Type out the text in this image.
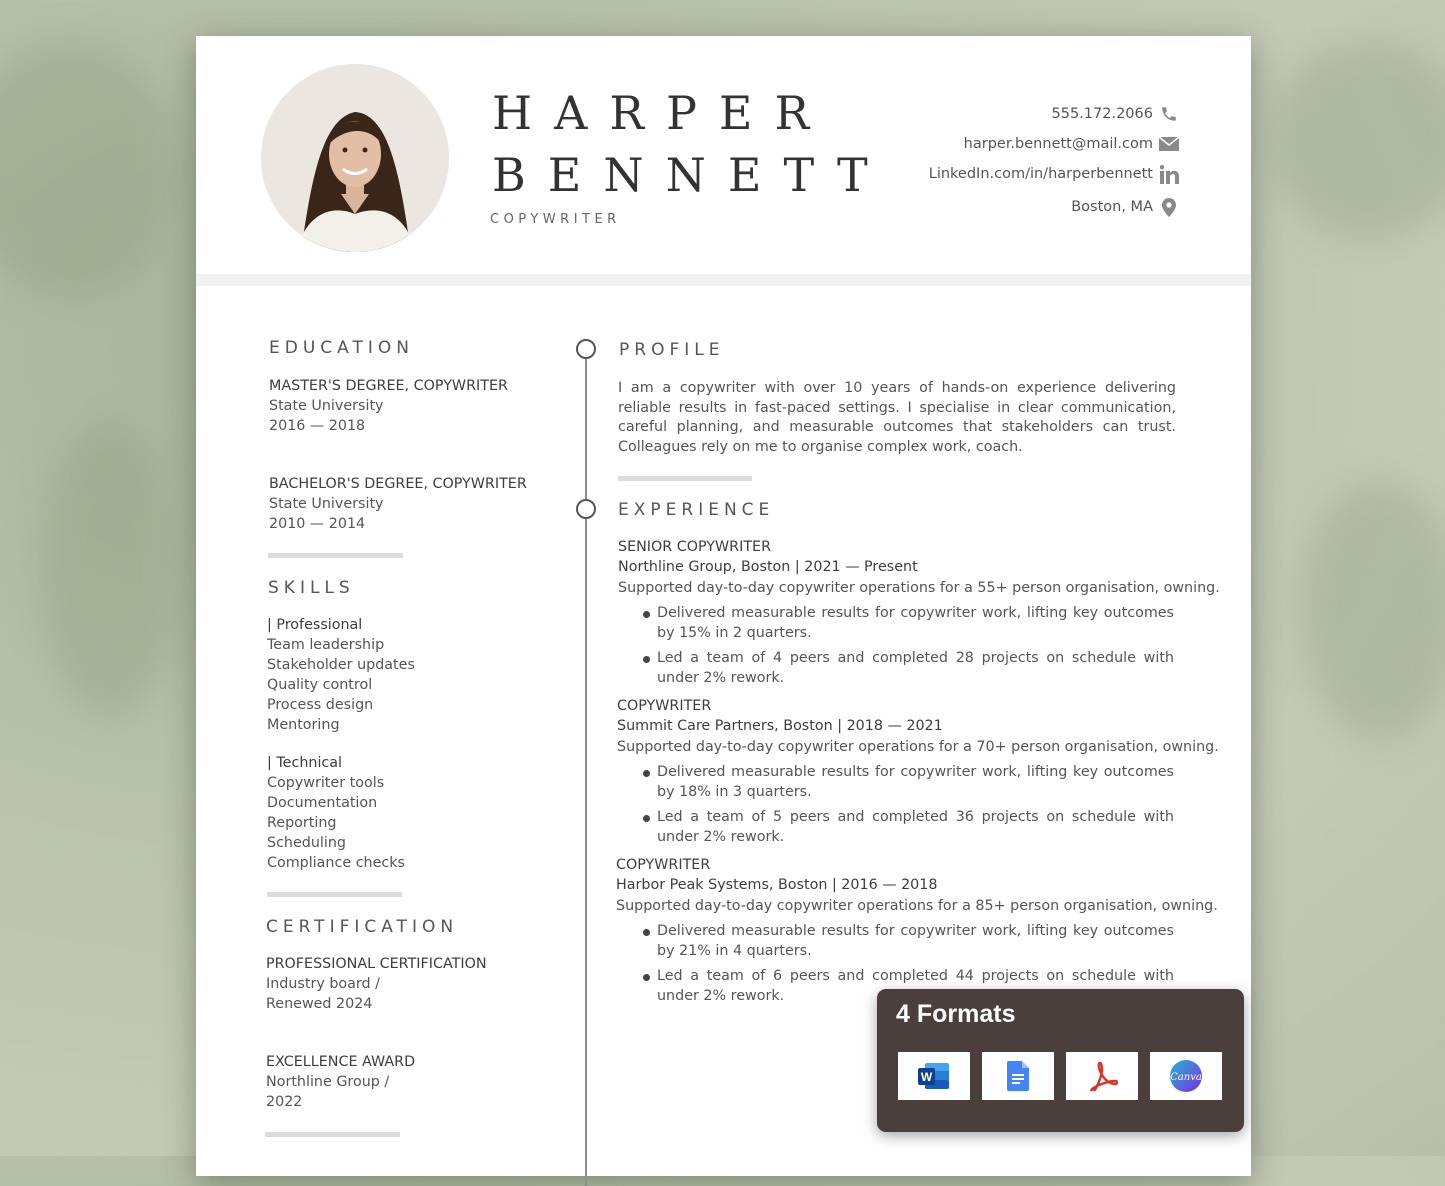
HARPER
BENNETT
COPYWRITER
555.172.2066
harper.bennett@mail.com
LinkedIn.com/in/harperbennett
Boston, MA
EDUCATION
MASTER'S DEGREE, COPYWRITER
State University
2016 — 2018
BACHELOR'S DEGREE, COPYWRITER
State University
2010 — 2014
SKILLS
| Professional
Team leadership
Stakeholder updates
Quality control
Process design
Mentoring
| Technical
Copywriter tools
Documentation
Reporting
Scheduling
Compliance checks
CERTIFICATION
PROFESSIONAL CERTIFICATION
Industry board /
Renewed 2024
EXCELLENCE AWARD
Northline Group /
2022
PROFILE
I am a copywriter with over 10 years of hands-on experience delivering reliable results in fast-paced settings. I specialise in clear communication, careful planning, and measurable outcomes that stakeholders can trust. Colleagues rely on me to organise complex work, coach.
EXPERIENCE
SENIOR COPYWRITER
Northline Group, Boston | 2021 — Present
Supported day-to-day copywriter operations for a 55+ person organisation, owning.
Delivered measurable results for copywriter work, lifting key outcomes by 15% in 2 quarters.
Led a team of 4 peers and completed 28 projects on schedule with under 2% rework.
COPYWRITER
Summit Care Partners, Boston | 2018 — 2021
Supported day-to-day copywriter operations for a 70+ person organisation, owning.
Delivered measurable results for copywriter work, lifting key outcomes by 18% in 3 quarters.
Led a team of 5 peers and completed 36 projects on schedule with under 2% rework.
COPYWRITER
Harbor Peak Systems, Boston | 2016 — 2018
Supported day-to-day copywriter operations for a 85+ person organisation, owning.
Delivered measurable results for copywriter work, lifting key outcomes by 21% in 4 quarters.
Led a team of 6 peers and completed 44 projects on schedule with under 2% rework.
4 Formats
W	Canva
